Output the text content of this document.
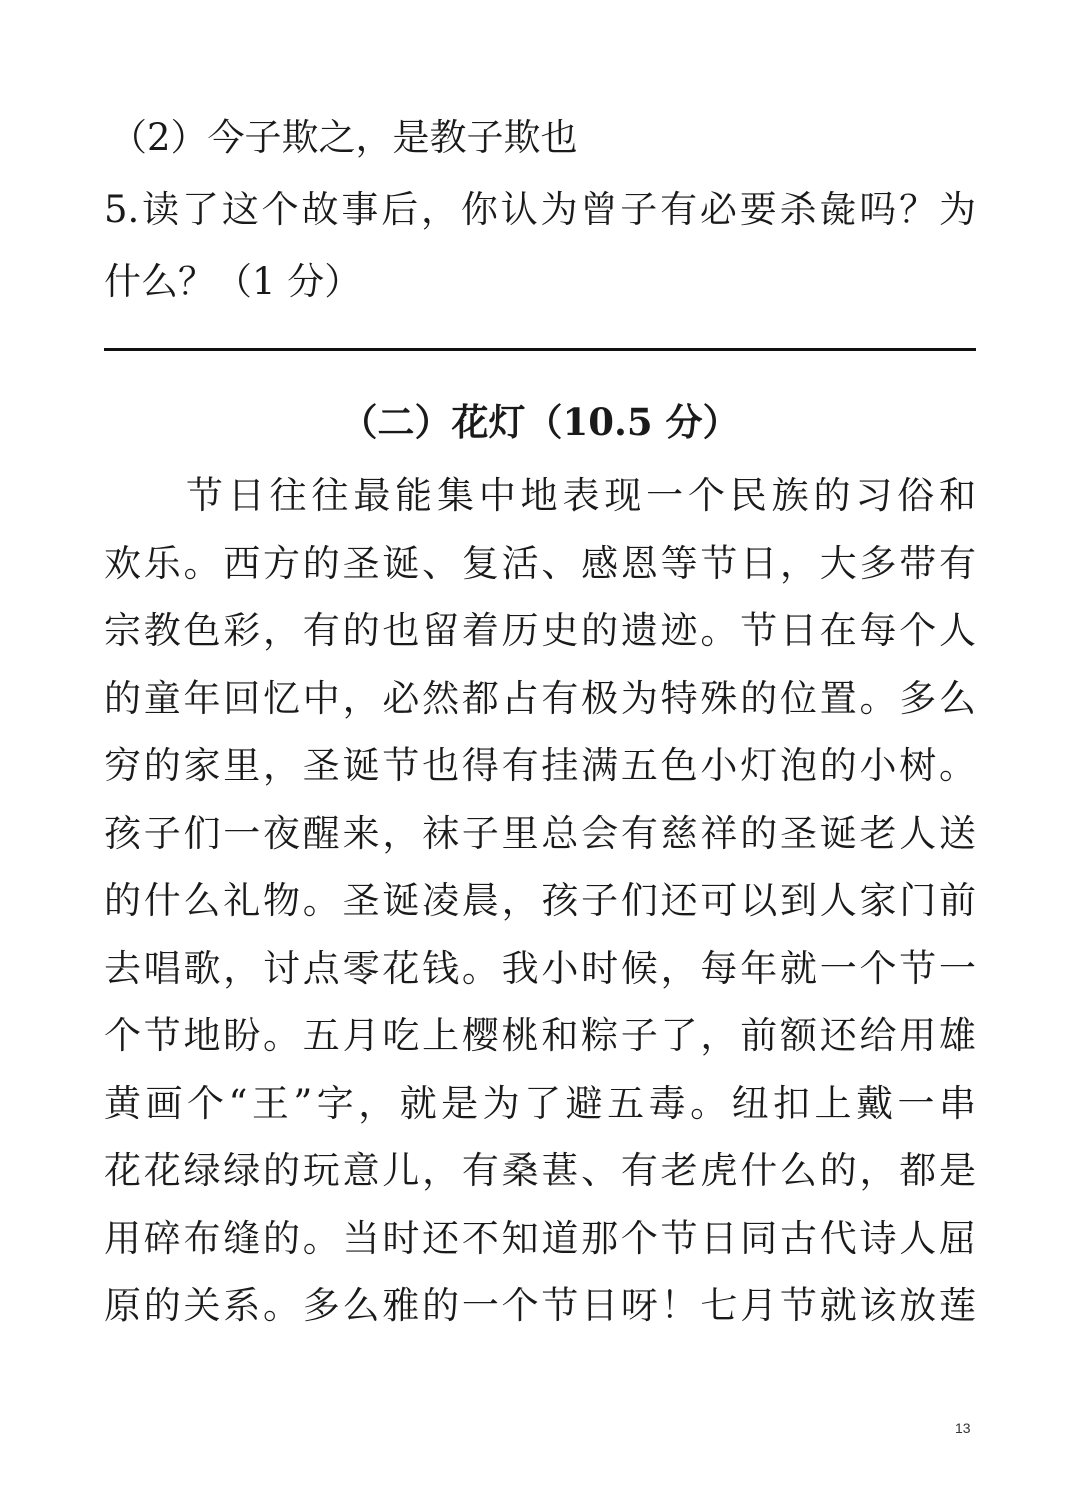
（2）今子欺之，是教子欺也
5.读了这个故事后，你认为曾子有必要杀彘吗？为
什么？（1 分）
（二）花灯（10.5 分）
节日往往最能集中地表现一个民族的习俗和
欢乐。西方的圣诞、复活、感恩等节日，大多带有
宗教色彩，有的也留着历史的遗迹。节日在每个人
的童年回忆中，必然都占有极为特殊的位置。多么
穷的家里，圣诞节也得有挂满五色小灯泡的小树。
孩子们一夜醒来，袜子里总会有慈祥的圣诞老人送
的什么礼物。圣诞凌晨，孩子们还可以到人家门前
去唱歌，讨点零花钱。我小时候，每年就一个节一
个节地盼。五月吃上樱桃和粽子了，前额还给用雄
黄画个“王”字，就是为了避五毒。纽扣上戴一串
花花绿绿的玩意儿，有桑葚、有老虎什么的，都是
用碎布缝的。当时还不知道那个节日同古代诗人屈
原的关系。多么雅的一个节日呀！七月节就该放莲
13
